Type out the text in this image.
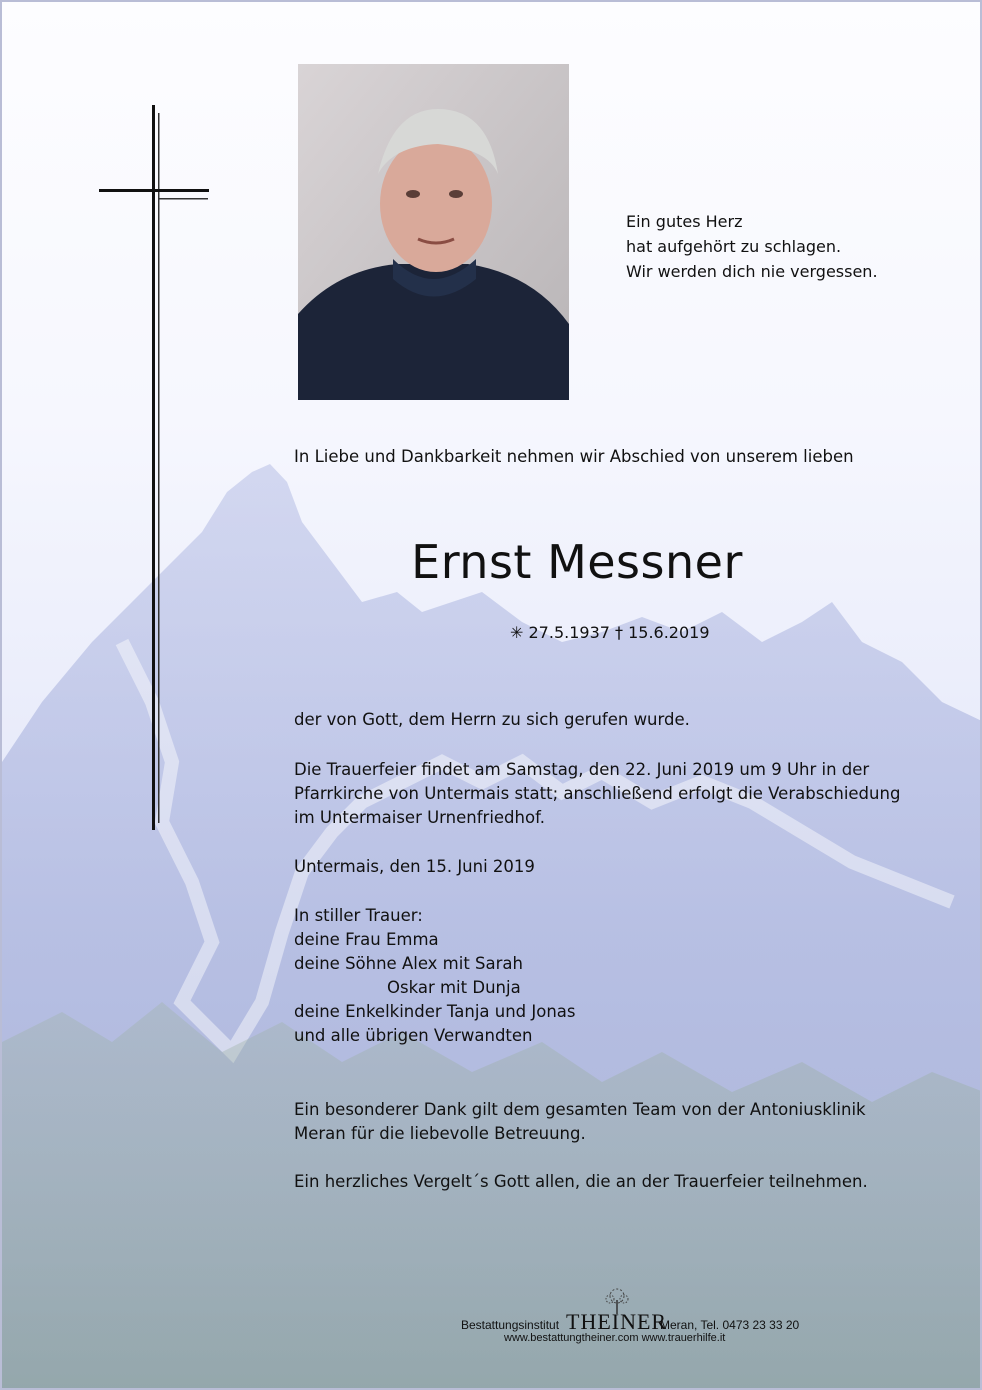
Ein gutes Herz
hat aufgehört zu schlagen.
Wir werden dich nie vergessen.
In Liebe und Dankbarkeit nehmen wir Abschied von unserem lieben
Ernst Messner
✳ 27.5.1937 † 15.6.2019
der von Gott, dem Herrn zu sich gerufen wurde.
Die Trauerfeier findet am Samstag, den 22. Juni 2019 um 9 Uhr in der
Pfarrkirche von Untermais statt; anschließend erfolgt die Verabschiedung
im Untermaiser Urnenfriedhof.
Untermais, den 15. Juni 2019
In stiller Trauer:
deine Frau Emma
deine Söhne Alex mit Sarah
Oskar mit Dunja
deine Enkelkinder Tanja und Jonas
und alle übrigen Verwandten
Ein besonderer Dank gilt dem gesamten Team von der Antoniusklinik
Meran für die liebevolle Betreuung.
Ein herzliches Vergelt´s Gott allen, die an der Trauerfeier teilnehmen.
Bestattungsinstitut THEINER
Meran, Tel. 0473 23 33 20
www.bestattungtheiner.com www.trauerhilfe.it
